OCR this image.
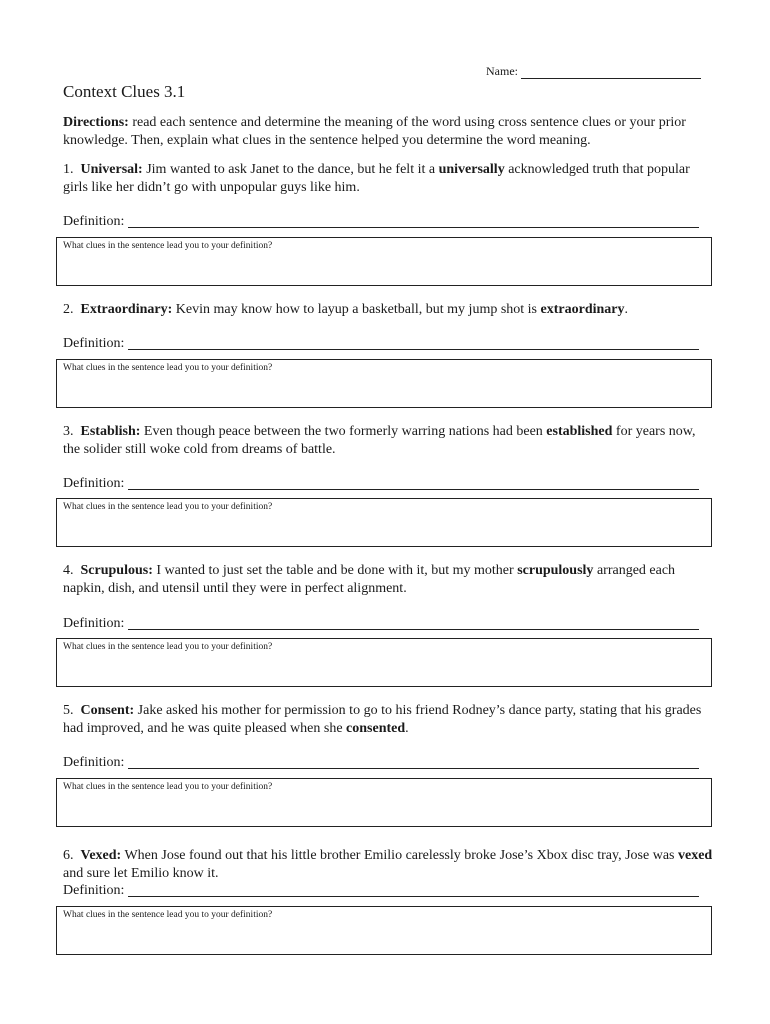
Name:
Context Clues 3.1

Directions: read each sentence and determine the meaning of the word using cross sentence clues or your prior knowledge. Then, explain what clues in the sentence helped you determine the word meaning.

1. Universal: Jim wanted to ask Janet to the dance, but he felt it a universally acknowledged truth that popular girls like her didn’t go with unpopular guys like him.

Definition:
What clues in the sentence lead you to your definition?

2. Extraordinary: Kevin may know how to layup a basketball, but my jump shot is extraordinary.

Definition:
What clues in the sentence lead you to your definition?

3. Establish: Even though peace between the two formerly warring nations had been established for years now, the solider still woke cold from dreams of battle.

Definition:
What clues in the sentence lead you to your definition?

4. Scrupulous: I wanted to just set the table and be done with it, but my mother scrupulously arranged each napkin, dish, and utensil until they were in perfect alignment.

Definition:
What clues in the sentence lead you to your definition?

5. Consent: Jake asked his mother for permission to go to his friend Rodney’s dance party, stating that his grades had improved, and he was quite pleased when she consented.

Definition:
What clues in the sentence lead you to your definition?

6. Vexed: When Jose found out that his little brother Emilio carelessly broke Jose’s Xbox disc tray, Jose was vexed and sure let Emilio know it.

Definition:
What clues in the sentence lead you to your definition?
